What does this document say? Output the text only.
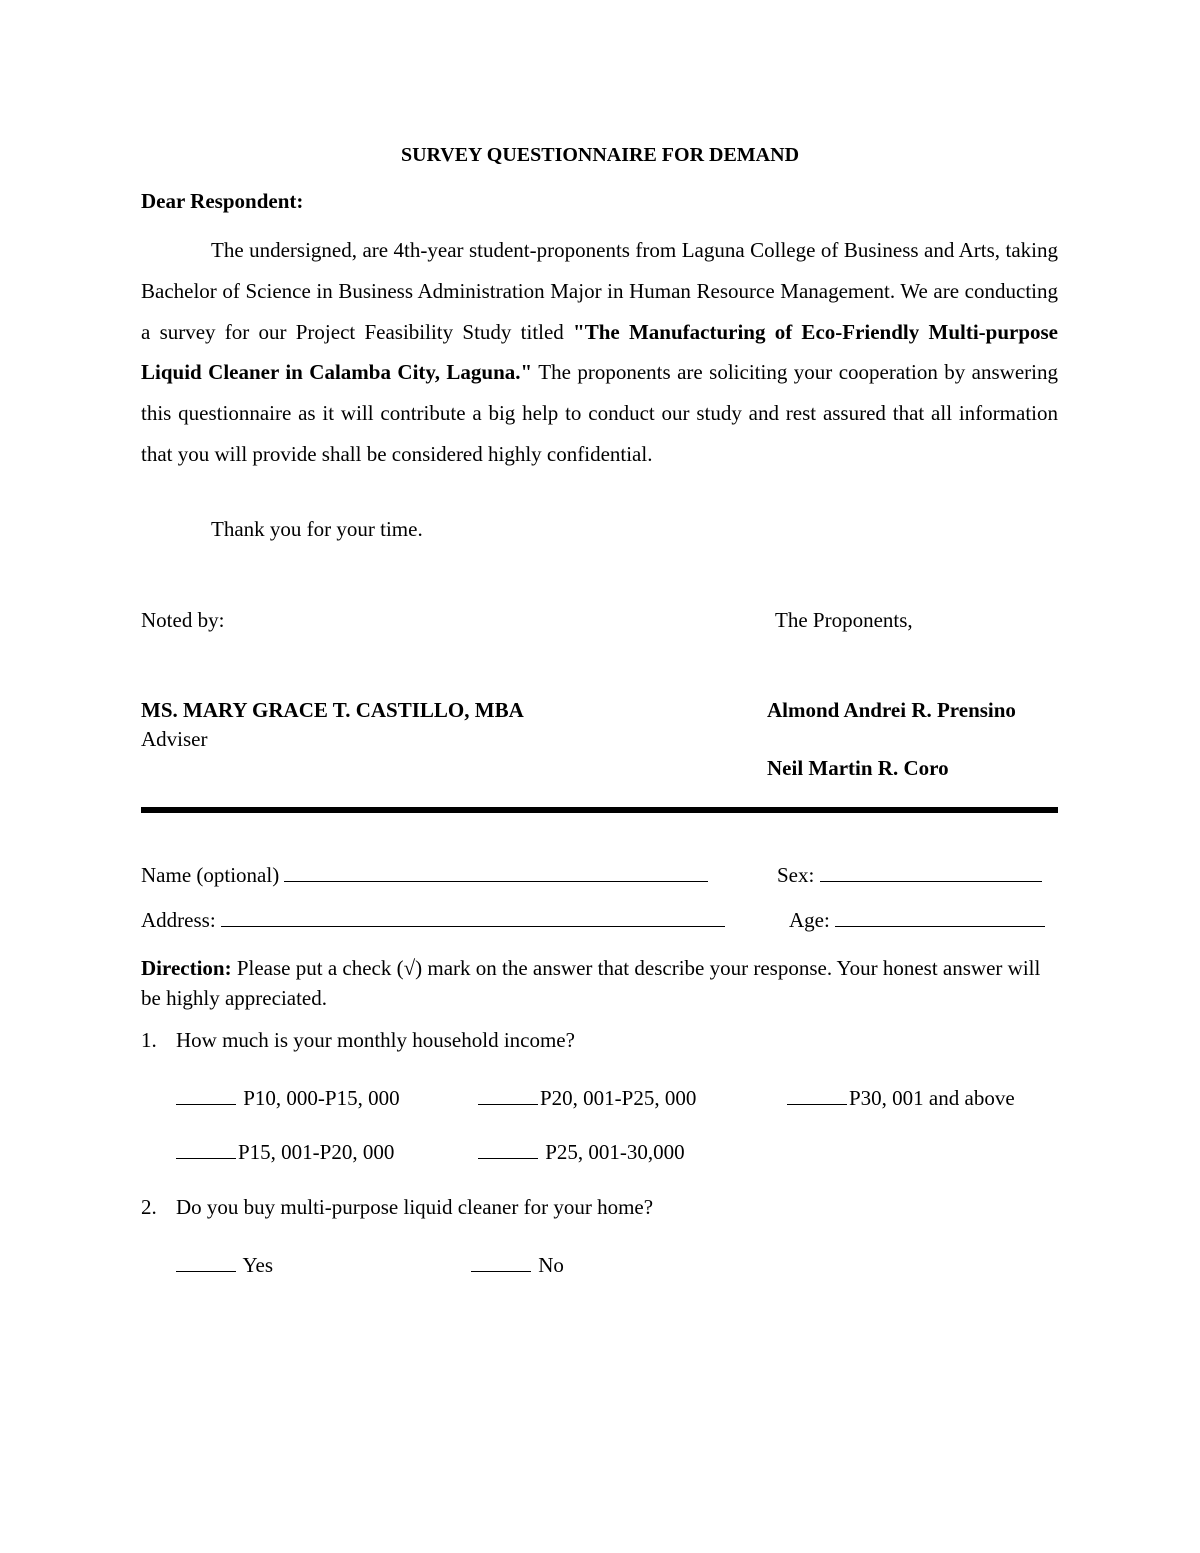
SURVEY QUESTIONNAIRE FOR DEMAND
Dear Respondent:
The undersigned, are 4th-year student-proponents from Laguna College of Business and Arts, taking Bachelor of Science in Business Administration Major in Human Resource Management. We are conducting a survey for our Project Feasibility Study titled "The Manufacturing of Eco-Friendly Multi-purpose Liquid Cleaner in Calamba City, Laguna." The proponents are soliciting your cooperation by answering this questionnaire as it will contribute a big help to conduct our study and rest assured that all information that you will provide shall be considered highly confidential.
Thank you for your time.
Noted by:	The Proponents,
MS. MARY GRACE T. CASTILLO, MBA
Adviser
Almond Andrei R. Prensino
Neil Martin R. Coro
Name (optional)	Sex:
Address:	Age:
Direction: Please put a check (√) mark on the answer that describe your response. Your honest answer will be highly appreciated.
1. How much is your monthly household income?
P10, 000-P15, 000	P20, 001-P25, 000	P30, 001 and above
P15, 001-P20, 000	P25, 001-30,000
2. Do you buy multi-purpose liquid cleaner for your home?
Yes	No
